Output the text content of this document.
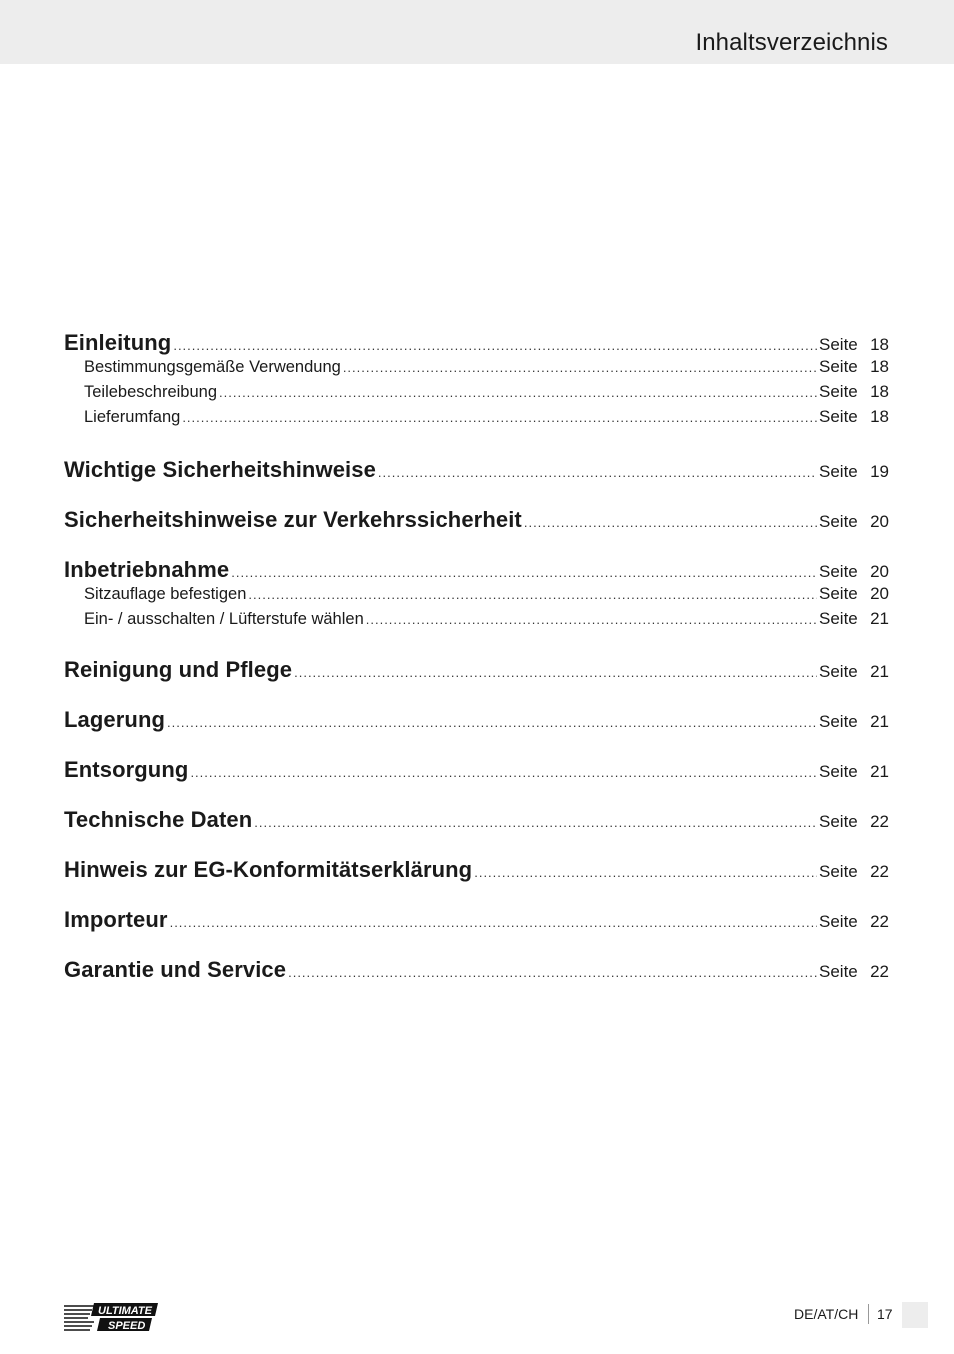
Inhaltsverzeichnis
Einleitung .....	Seite 18
Bestimmungsgemäße Verwendung .....	Seite 18
Teilebeschreibung .....	Seite 18
Lieferumfang .....	Seite 18
Wichtige Sicherheitshinweise .....	Seite 19
Sicherheitshinweise zur Verkehrssicherheit .....	Seite 20
Inbetriebnahme .....	Seite 20
Sitzauflage befestigen .....	Seite 20
Ein- / ausschalten / Lüfterstufe wählen .....	Seite 21
Reinigung und Pflege .....	Seite 21
Lagerung .....	Seite 21
Entsorgung .....	Seite 21
Technische Daten .....	Seite 22
Hinweis zur EG-Konformitätserklärung .....	Seite 22
Importeur .....	Seite 22
Garantie und Service .....	Seite 22
ULTIMATE
SPEED
DE/AT/CH 17
